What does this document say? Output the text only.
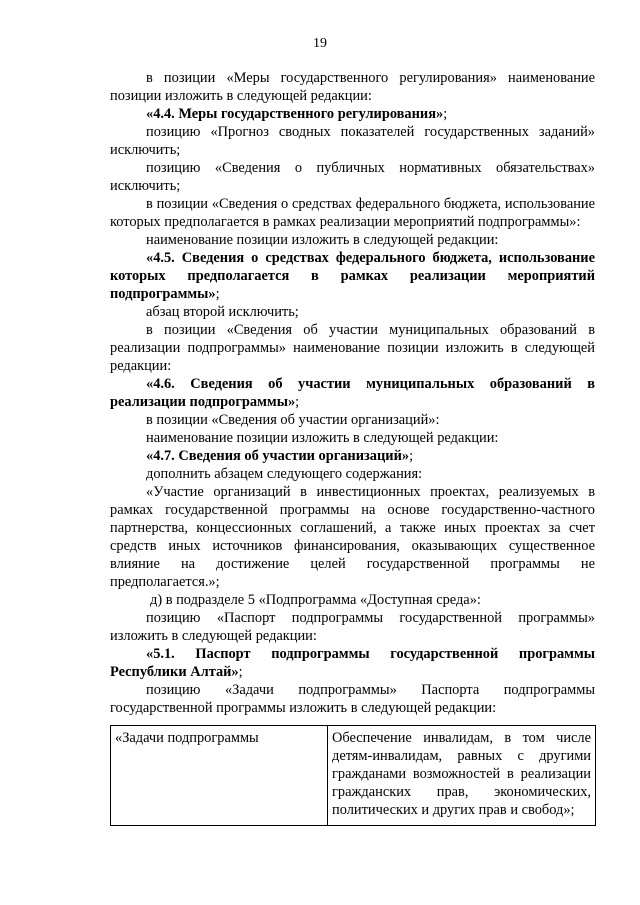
19

в позиции «Меры государственного регулирования» наименование позиции изложить в следующей редакции:

«4.4. Меры государственного регулирования»;

позицию «Прогноз сводных показателей государственных заданий» исключить;

позицию «Сведения о публичных нормативных обязательствах» исключить;

в позиции «Сведения о средствах федерального бюджета, использование которых предполагается в рамках реализации мероприятий подпрограммы»:

наименование позиции изложить в следующей редакции:

«4.5. Сведения о средствах федерального бюджета, использование которых предполагается в рамках реализации мероприятий подпрограммы»;

абзац второй исключить;

в позиции «Сведения об участии муниципальных образований в реализации подпрограммы» наименование позиции изложить в следующей редакции:

«4.6. Сведения об участии муниципальных образований в реализации подпрограммы»;

в позиции «Сведения об участии организаций»:

наименование позиции изложить в следующей редакции:

«4.7. Сведения об участии организаций»;

дополнить абзацем следующего содержания:

«Участие организаций в инвестиционных проектах, реализуемых в рамках государственной программы на основе государственно-частного партнерства, концессионных соглашений, а также иных проектах за счет средств иных источников финансирования, оказывающих существенное влияние на достижение целей государственной программы не предполагается.»;

д) в подразделе 5 «Подпрограмма «Доступная среда»:

позицию «Паспорт подпрограммы государственной программы» изложить в следующей редакции:

«5.1. Паспорт подпрограммы государственной программы Республики Алтай»;

позицию «Задачи подпрограммы» Паспорта подпрограммы государственной программы изложить в следующей редакции:

«Задачи подпрограммы	Обеспечение инвалидам, в том числе детям-инвалидам, равных с другими гражданами возможностей в реализации гражданских прав, экономических, политических и других прав и свобод»;
